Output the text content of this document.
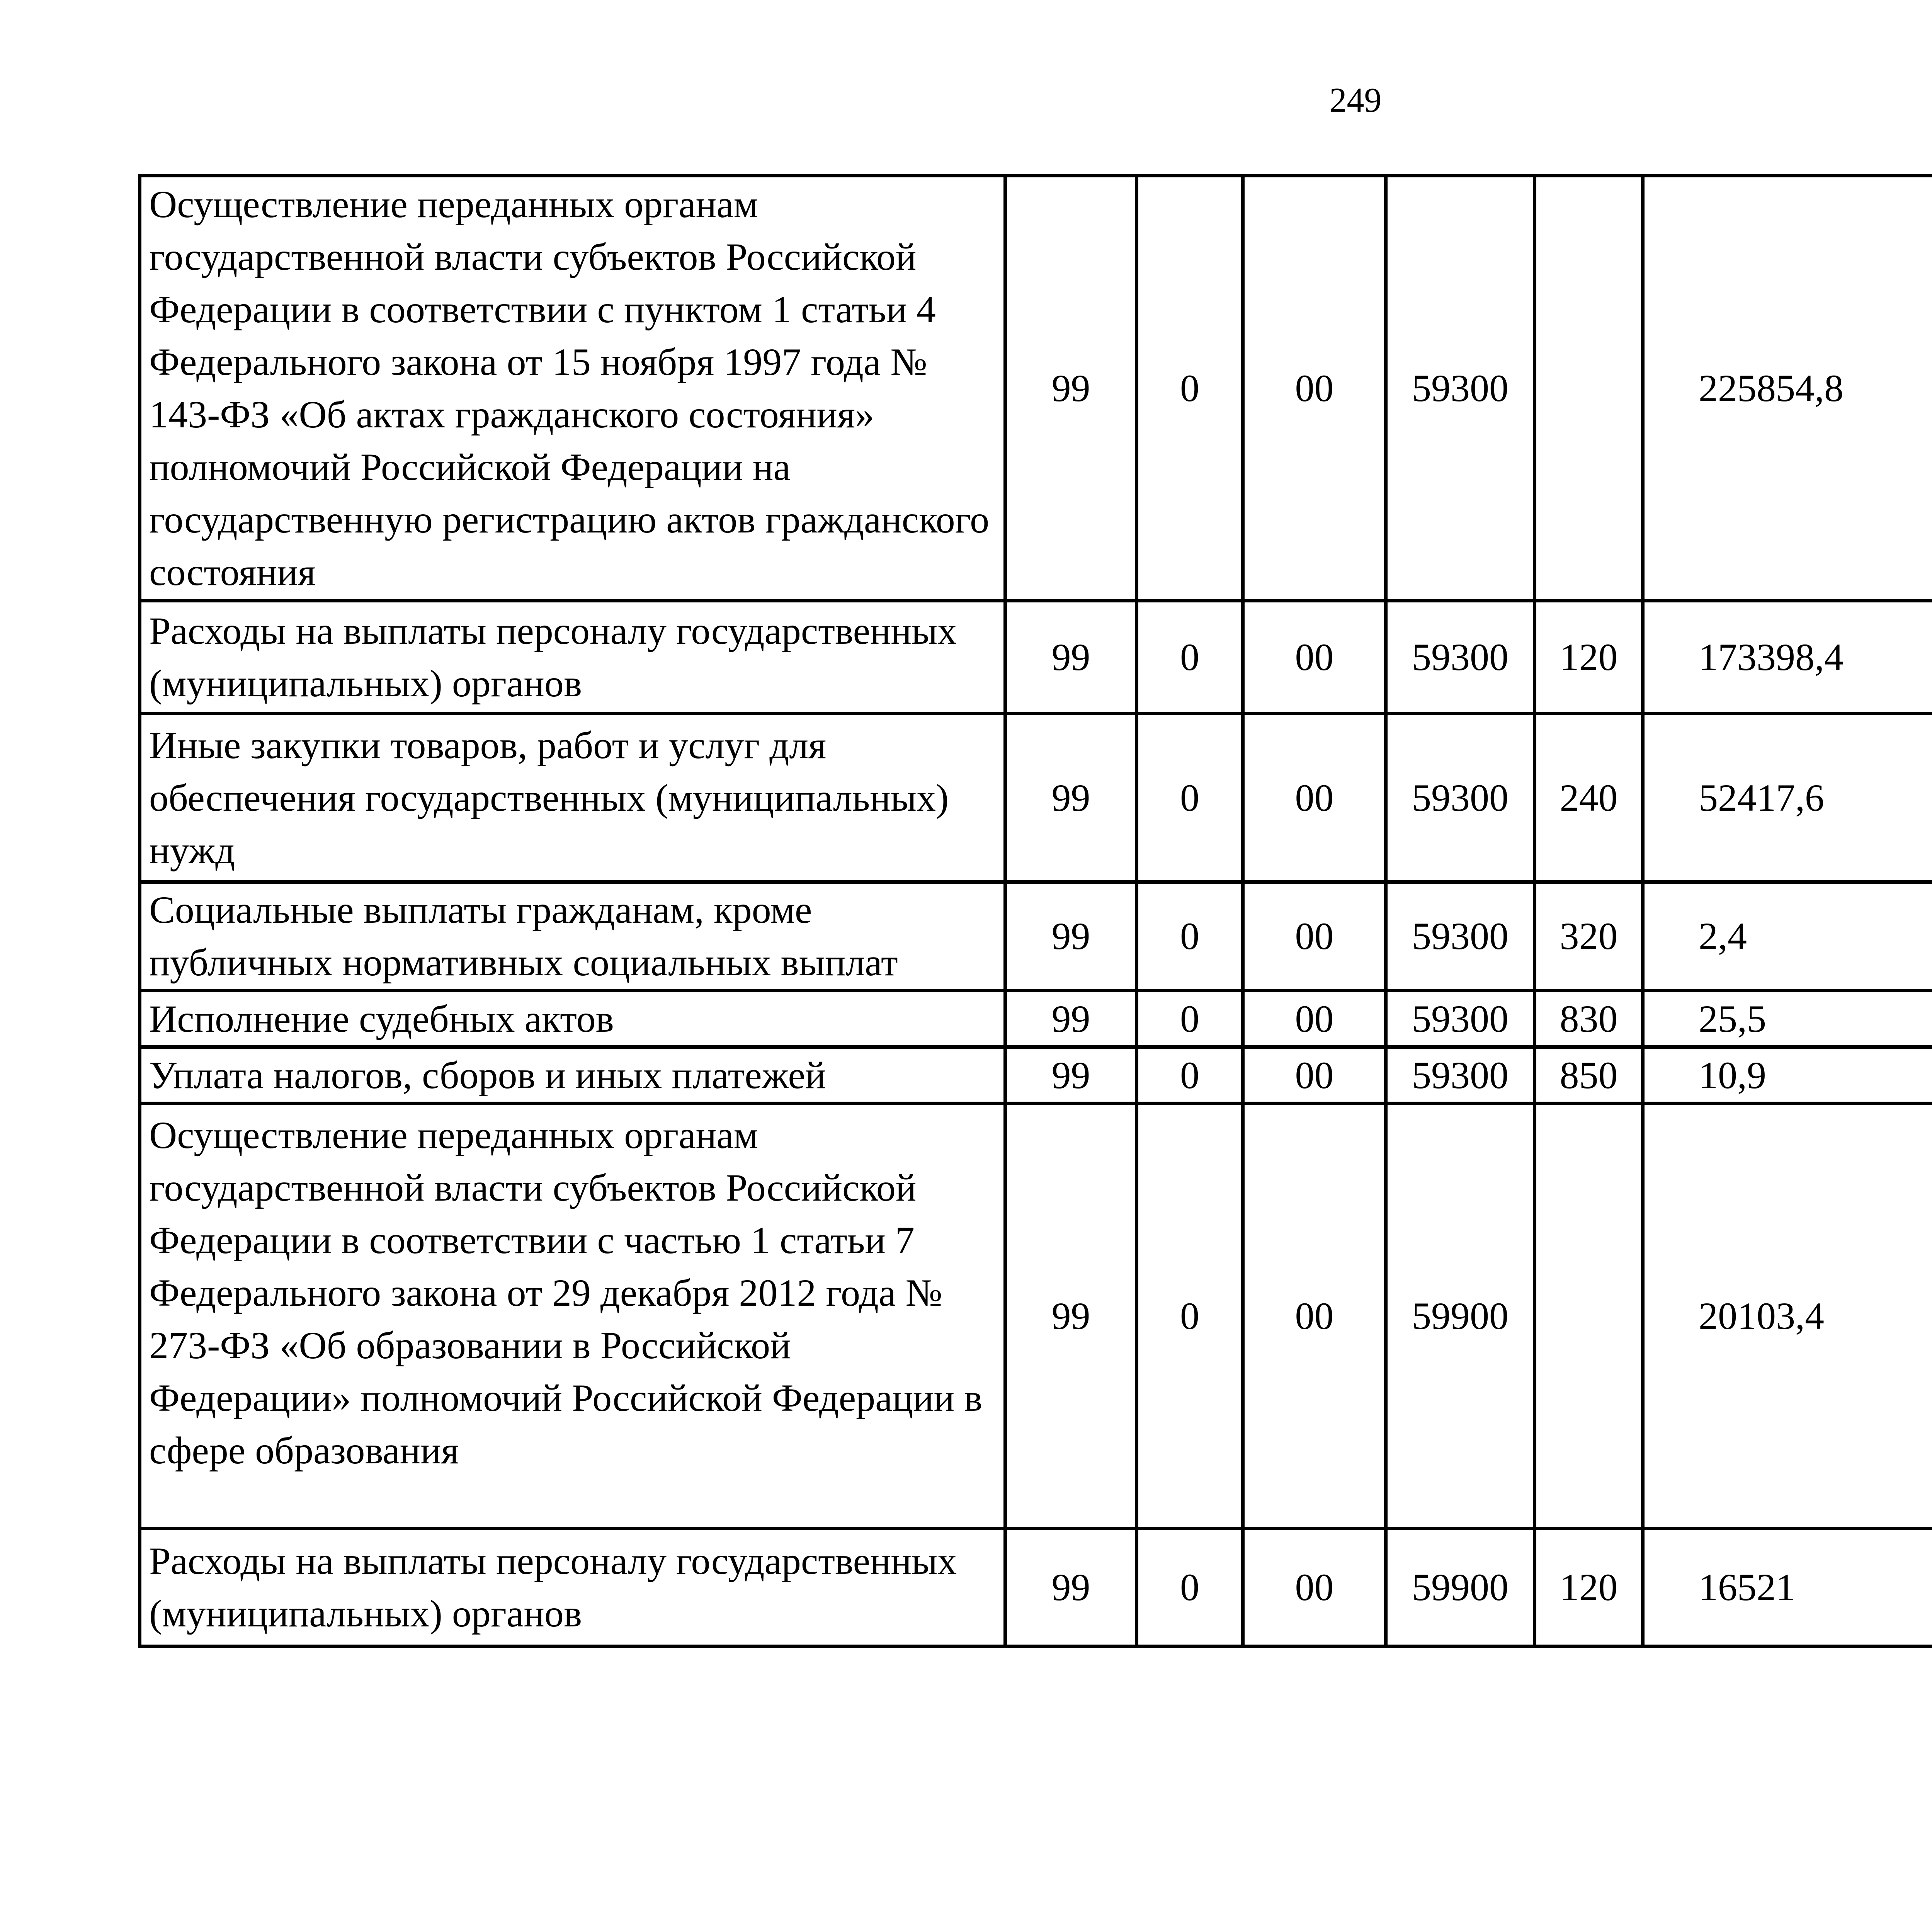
249
Осуществление переданных органам государственной власти субъектов Российской Федерации в соответствии с пунктом 1 статьи 4 Федерального закона от 15 ноября 1997 года № 143-ФЗ «Об актах гражданского состояния» полномочий Российской Федерации на государственную регистрацию актов гражданского состояния	99	0	00	59300		225854,8		
Расходы на выплаты персоналу государственных (муниципальных) органов	99	0	00	59300	120	173398,4		
Иные закупки товаров, работ и услуг для обеспечения государственных (муниципальных) нужд	99	0	00	59300	240	52417,6		
Социальные выплаты гражданам, кроме публичных нормативных социальных выплат	99	0	00	59300	320	2,4		
Исполнение судебных актов	99	0	00	59300	830	25,5		
Уплата налогов, сборов и иных платежей	99	0	00	59300	850	10,9		
Осуществление переданных органам государственной власти субъектов Российской Федерации в соответствии с частью 1 статьи 7 Федерального закона от 29 декабря 2012 года № 273-ФЗ «Об образовании в Российской Федерации» полномочий Российской Федерации в сфере образования	99	0	00	59900		20103,4		
Расходы на выплаты персоналу государственных (муниципальных) органов	99	0	00	59900	120	16521		
